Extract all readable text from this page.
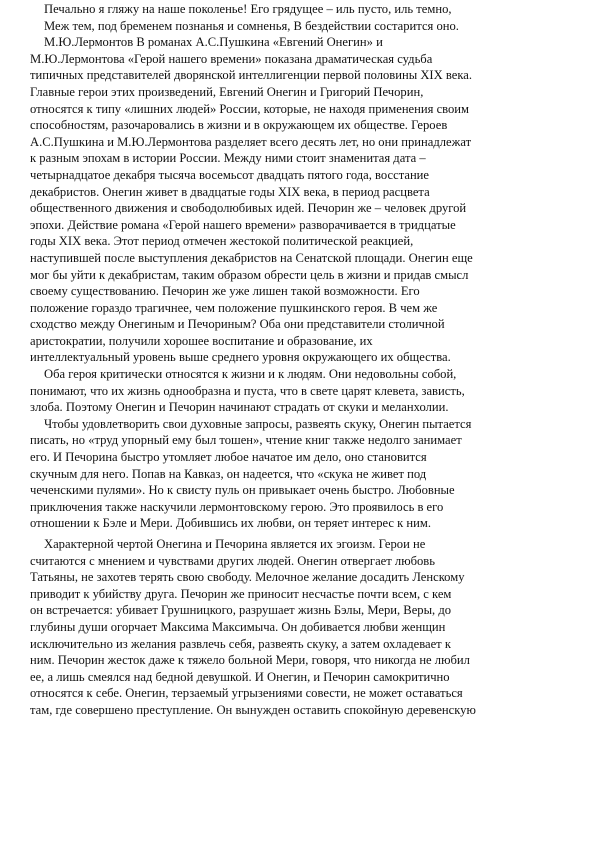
Печально я гляжу на наше поколенье! Его грядущее – иль пусто, иль темно,
Меж тем, под бременем познанья и сомненья, В бездействии состарится оно.
М.Ю.Лермонтов В романах А.С.Пушкина «Евгений Онегин» и
М.Ю.Лермонтова «Герой нашего времени» показана драматическая судьба
типичных представителей дворянской интеллигенции первой половины XIX века.
Главные герои этих произведений, Евгений Онегин и Григорий Печорин,
относятся к типу «лишних людей» России, которые, не находя применения своим
способностям, разочаровались в жизни и в окружающем их обществе. Героев
А.С.Пушкина и М.Ю.Лермонтова разделяет всего десять лет, но они принадлежат
к разным эпохам в истории России. Между ними стоит знаменитая дата –
четырнадцатое декабря тысяча восемьсот двадцать пятого года, восстание
декабристов. Онегин живет в двадцатые годы XIX века, в период расцвета
общественного движения и свободолюбивых идей. Печорин же – человек другой
эпохи. Действие романа «Герой нашего времени» разворачивается в тридцатые
годы XIX века. Этот период отмечен жестокой политической реакцией,
наступившей после выступления декабристов на Сенатской площади. Онегин еще
мог бы уйти к декабристам, таким образом обрести цель в жизни и придав смысл
своему существованию. Печорин же уже лишен такой возможности. Его
положение гораздо трагичнее, чем положение пушкинского героя. В чем же
сходство между Онегиным и Печориным? Оба они представители столичной
аристократии, получили хорошее воспитание и образование, их
интеллектуальный уровень выше среднего уровня окружающего их общества.
Оба героя критически относятся к жизни и к людям. Они недовольны собой,
понимают, что их жизнь однообразна и пуста, что в свете царят клевета, зависть,
злоба. Поэтому Онегин и Печорин начинают страдать от скуки и меланхолии.
Чтобы удовлетворить свои духовные запросы, развеять скуку, Онегин пытается
писать, но «труд упорный ему был тошен», чтение книг также недолго занимает
его. И Печорина быстро утомляет любое начатое им дело, оно становится
скучным для него. Попав на Кавказ, он надеется, что «скука не живет под
чеченскими пулями». Но к свисту пуль он привыкает очень быстро. Любовные
приключения также наскучили лермонтовскому герою. Это проявилось в его
отношении к Бэле и Мери. Добившись их любви, он теряет интерес к ним.
Характерной чертой Онегина и Печорина является их эгоизм. Герои не
считаются с мнением и чувствами других людей. Онегин отвергает любовь
Татьяны, не захотев терять свою свободу. Мелочное желание досадить Ленскому
приводит к убийству друга. Печорин же приносит несчастье почти всем, с кем
он встречается: убивает Грушницкого, разрушает жизнь Бэлы, Мери, Веры, до
глубины души огорчает Максима Максимыча. Он добивается любви женщин
исключительно из желания развлечь себя, развеять скуку, а затем охладевает к
ним. Печорин жесток даже к тяжело больной Мери, говоря, что никогда не любил
ее, а лишь смеялся над бедной девушкой. И Онегин, и Печорин самокритично
относятся к себе. Онегин, терзаемый угрызениями совести, не может оставаться
там, где совершено преступление. Он вынужден оставить спокойную деревенскую
